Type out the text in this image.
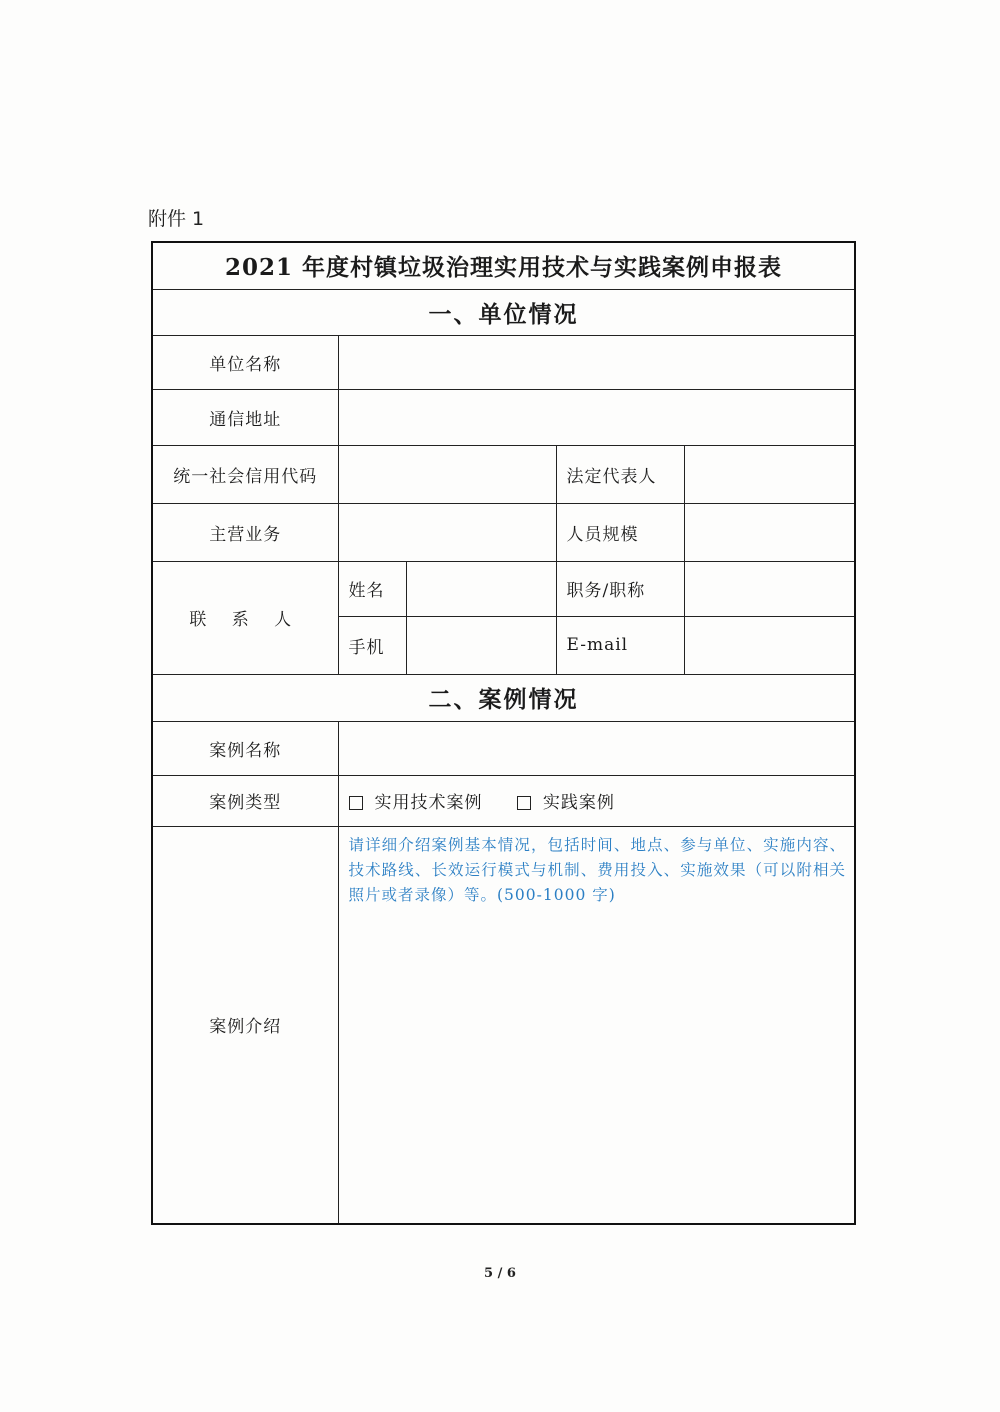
附件 1
2021 年度村镇垃圾治理实用技术与实践案例申报表				
一、单位情况				
单位名称				
通信地址				
统一社会信用代码			法定代表人	
主营业务			人员规模	
联 系 人	姓名		职务/职称	
	手机		E-mail	
二、案例情况				
案例名称				
案例类型	实用技术案例 实践案例			
案例介绍	请详细介绍案例基本情况，包括时间、地点、参与单位、实施内容、技术路线、长效运行模式与机制、费用投入、实施效果（可以附相关照片或者录像）等。(500-1000 字)			
5 / 6
